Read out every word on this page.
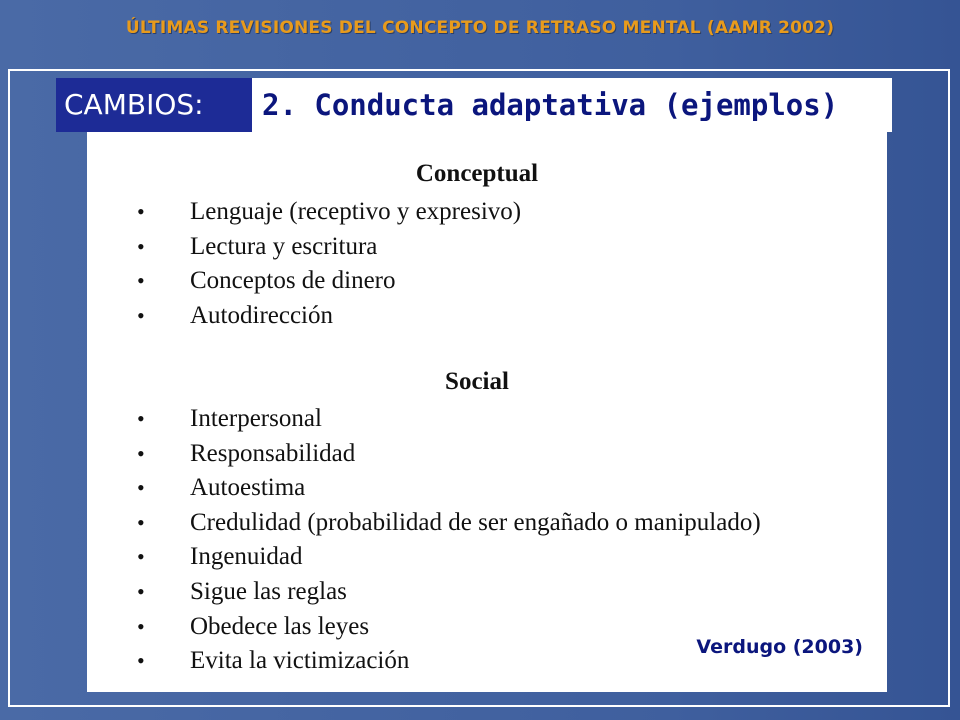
ÚLTIMAS REVISIONES DEL CONCEPTO DE RETRASO MENTAL (AAMR 2002)
CAMBIOS:	2. Conducta adaptativa (ejemplos)
Conceptual
• Lenguaje (receptivo y expresivo)
• Lectura y escritura
• Conceptos de dinero
• Autodirección
Social
• Interpersonal
• Responsabilidad
• Autoestima
• Credulidad (probabilidad de ser engañado o manipulado)
• Ingenuidad
• Sigue las reglas
• Obedece las leyes
• Evita la victimización
Verdugo (2003)
